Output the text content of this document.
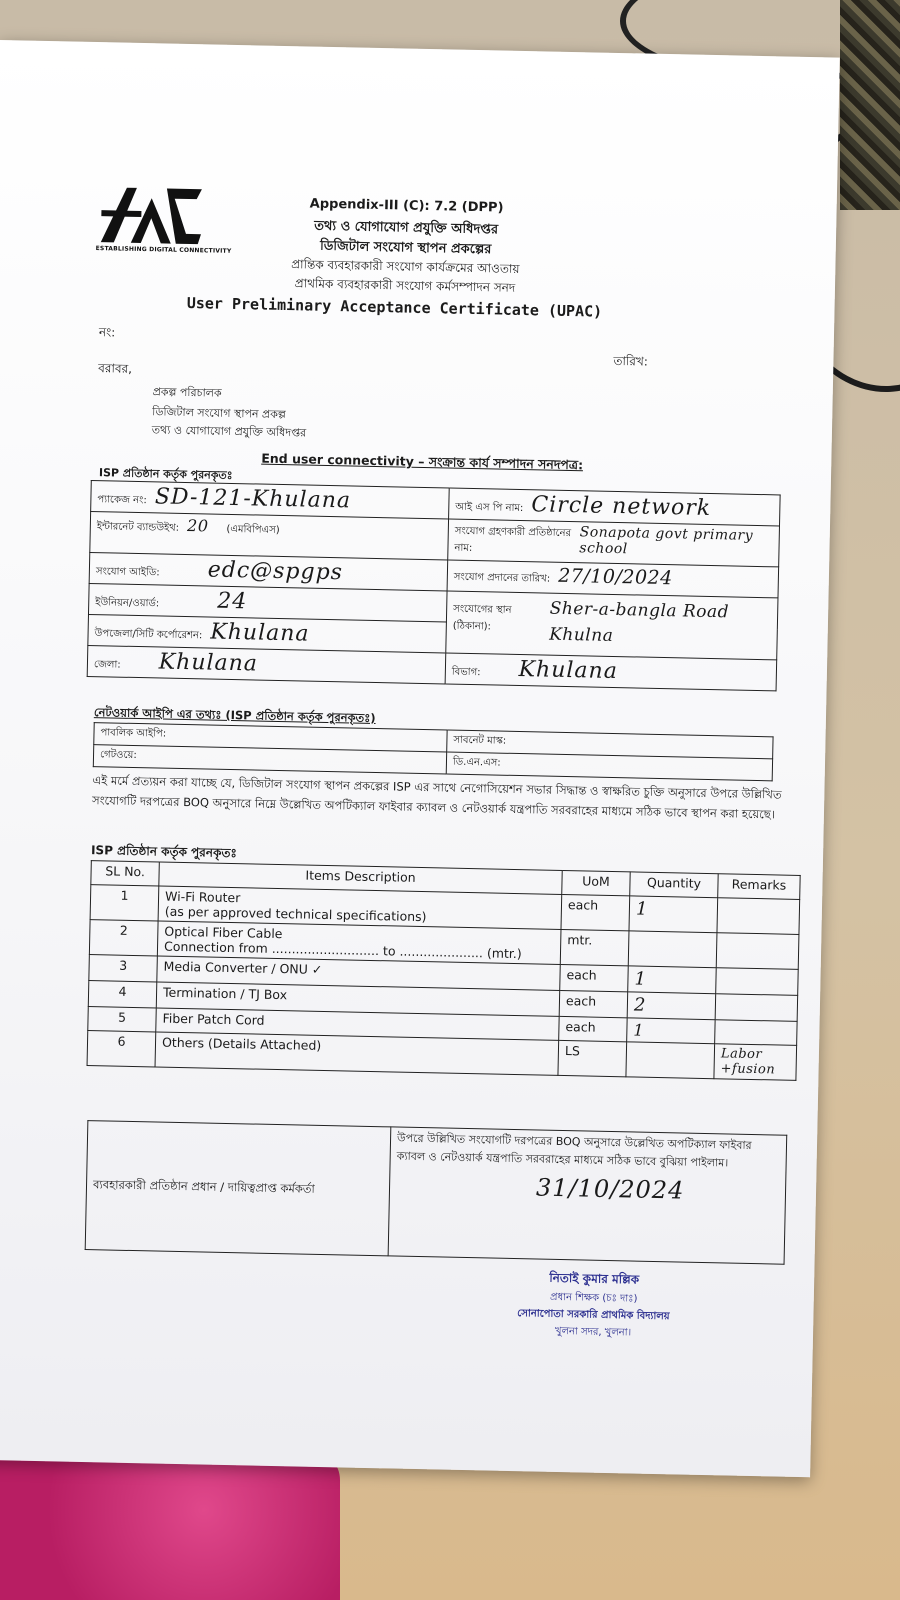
ESTABLISHING DIGITAL CONNECTIVITY
Appendix-III (C): 7.2 (DPP)
তথ্য ও যোগাযোগ প্রযুক্তি অধিদপ্তর
ডিজিটাল সংযোগ স্থাপন প্রকল্পের
প্রান্তিক ব্যবহারকারী সংযোগ কার্যক্রমের আওতায়
প্রাথমিক ব্যবহারকারী সংযোগ কর্মসম্পাদন সনদ
User Preliminary Acceptance Certificate (UPAC)
নং:
তারিখ:
বরাবর,
প্রকল্প পরিচালক
ডিজিটাল সংযোগ স্থাপন প্রকল্প
তথ্য ও যোগাযোগ প্রযুক্তি অধিদপ্তর
End user connectivity – সংক্রান্ত কার্য সম্পাদন সনদপত্র:
ISP প্রতিষ্ঠান কর্তৃক পুরনকৃতঃ
প্যাকেজ নং: SD-121-Khulana	আই এস পি নাম: Circle network

ইন্টারনেট ব্যান্ডউইথ: 20 (এমবিপিএস)	সংযোগ গ্রহণকারী প্রতিষ্ঠানের নাম:
Sonapota govt primary school

সংযোগ আইডি: edc@spgps	সংযোগ প্রদানের তারিখ: 27/10/2024

ইউনিয়ন/ওয়ার্ড: 24	সংযোগের স্থান (ঠিকানা):
Sher-a-bangla Road Khulna

উপজেলা/সিটি কর্পোরেশন: Khulana	

জেলা: Khulana	বিভাগ: Khulana
নেটওয়ার্ক আইপি এর তথ্যঃ (ISP প্রতিষ্ঠান কর্তৃক পুরনকৃতঃ)
পাবলিক আইপি:	সাবনেট মাস্ক:
গেটওয়ে:	ডি.এন.এস:
এই মর্মে প্রত্যয়ন করা যাচ্ছে যে, ডিজিটাল সংযোগ স্থাপন প্রকল্পের ISP এর সাথে নেগোসিয়েশন সভার সিদ্ধান্ত ও স্বাক্ষরিত চুক্তি অনুসারে উপরে উল্লিখিত সংযোগটি দরপত্রের BOQ অনুসারে নিম্নে উল্লেখিত অপটিক্যাল ফাইবার ক্যাবল ও নেটওয়ার্ক যন্ত্রপাতি সরবরাহের মাধ্যমে সঠিক ভাবে স্থাপন করা হয়েছে।
ISP প্রতিষ্ঠান কর্তৃক পুরনকৃতঃ
SL No.	Items Description	UoM	Quantity	Remarks
1	Wi-Fi Router
(as per approved technical specifications)	each	1	
2	Optical Fiber Cable
Connection from ........................... to ..................... (mtr.)	mtr.		
3	Media Converter / ONU ✓	each	1	
4	Termination / TJ Box	each	2	
5	Fiber Patch Cord	each	1	
6	Others (Details Attached)	LS		Labor +fusion
ব্যবহারকারী প্রতিষ্ঠান প্রধান / দায়িত্বপ্রাপ্ত কর্মকর্তা	
উপরে উল্লিখিত সংযোগটি দরপত্রের BOQ অনুসারে উল্লেখিত অপটিক্যাল ফাইবার ক্যাবল ও নেটওয়ার্ক যন্ত্রপাতি সরবরাহের মাধ্যমে সঠিক ভাবে বুঝিয়া পাইলাম।
31/10/2024
নিতাই কুমার মল্লিক
প্রধান শিক্ষক (চঃ দাঃ)
সোনাপোতা সরকারি প্রাথমিক বিদ্যালয়
খুলনা সদর, খুলনা।
